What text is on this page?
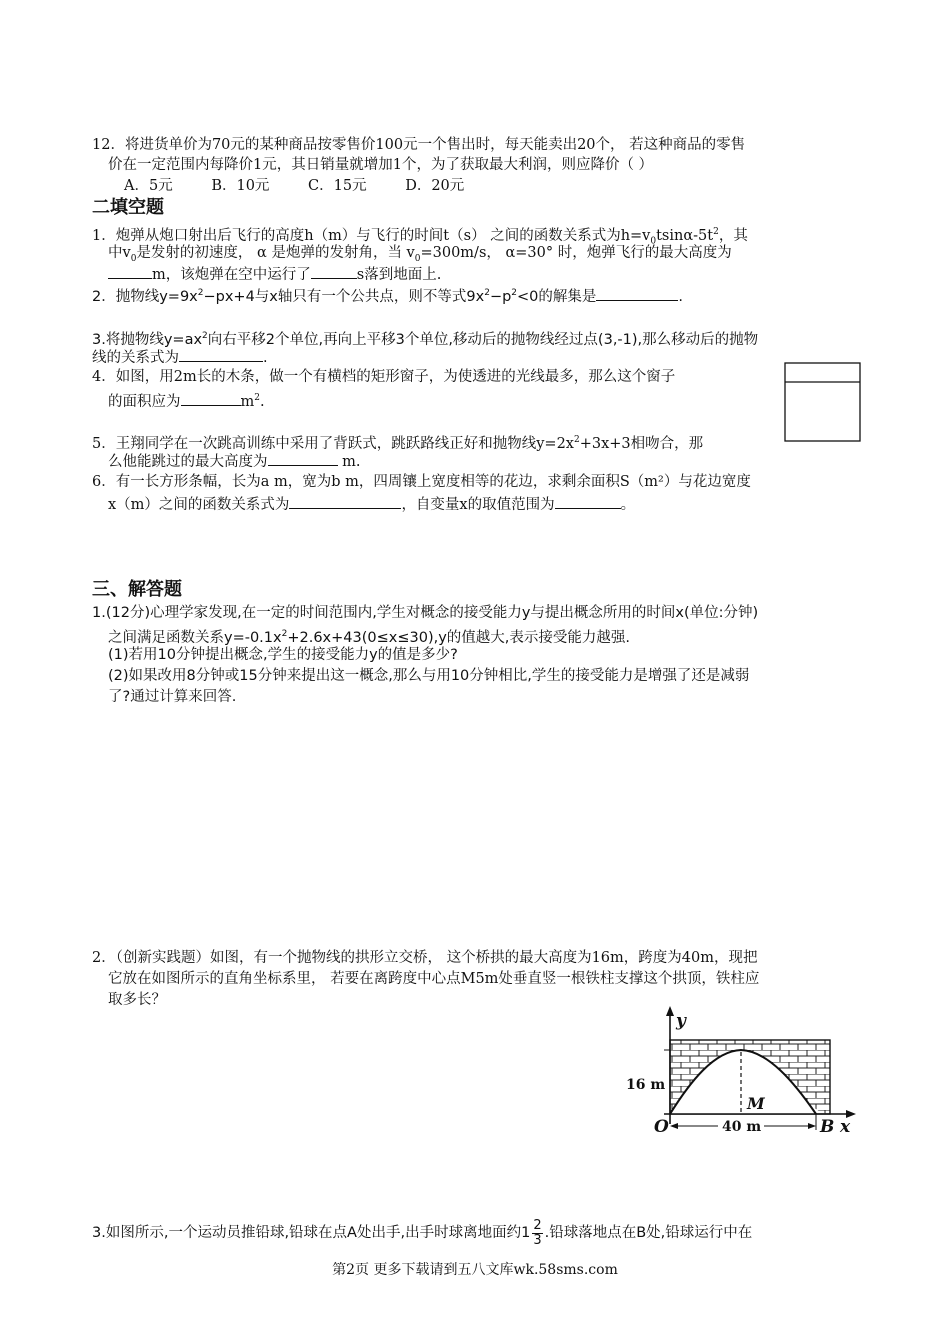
12．将进货单价为70元的某种商品按零售价100元一个售出时，每天能卖出20个， 若这种商品的零售
价在一定范围内每降价1元，其日销量就增加1个，为了获取最大利润，则应降价（ ）
A．5元	B．10元	C．15元	D．20元
二填空题
1．炮弹从炮口射出后飞行的高度h（m）与飞行的时间t（s） 之间的函数关系式为$h=v_0tsin\alpha-5t^2$，其
中$v_0$是发射的初速度， α 是炮弹的发射角，当 $v_0=300m/s$， α=30° 时，炮弹飞行的最大高度为
m，该炮弹在空中运行了	s落到地面上.
2．抛物线$y=9x^2-px+4$与x轴只有一个公共点，则不等式$9x^2-p^2<0$的解集是	.
3.将抛物线$y=ax^2$向右平移2个单位,再向上平移3个单位,移动后的抛物线经过点(3,-1),那么移动后的抛物
线的关系式为	.
4．如图，用2m长的木条，做一个有横档的矩形窗子，为使透进的光线最多，那么这个窗子
的面积应为	$m^2$.
5．王翔同学在一次跳高训练中采用了背跃式，跳跃路线正好和抛物线$y=2x^2+3x+3$相吻合，那
么他能跳过的最大高度为	m.
6．有一长方形条幅，长为a m，宽为b m，四周镶上宽度相等的花边，求剩余面积S（m²）与花边宽度
x（m）之间的函数关系式为	，自变量x的取值范围为	。
三、解答题
1.(12分)心理学家发现,在一定的时间范围内,学生对概念的接受能力y与提出概念所用的时间x(单位:分钟)
之间满足函数关系$y=-0.1x^2+2.6x+43(0\le x\le 30),y$的值越大,表示接受能力越强.
(1)若用10分钟提出概念,学生的接受能力y的值是多少?
(2)如果改用8分钟或15分钟来提出这一概念,那么与用10分钟相比,学生的接受能力是增强了还是减弱
了?通过计算来回答.
2．（创新实践题）如图，有一个抛物线的拱形立交桥， 这个桥拱的最大高度为16m，跨度为40m，现把
它放在如图所示的直角坐标系里， 若要在离跨度中心点M5m处垂直竖一根铁柱支撑这个拱顶，铁柱应
取多长？
y
x
16 m
40 m
O
M
B
3.如图所示,一个运动员推铅球,铅球在点A处出手,出手时球离地面约$1 \frac{2}{3}$ .铅球落地点在B处,铅球运行中在
第2页 更多下载请到五八文库wk.58sms.com
